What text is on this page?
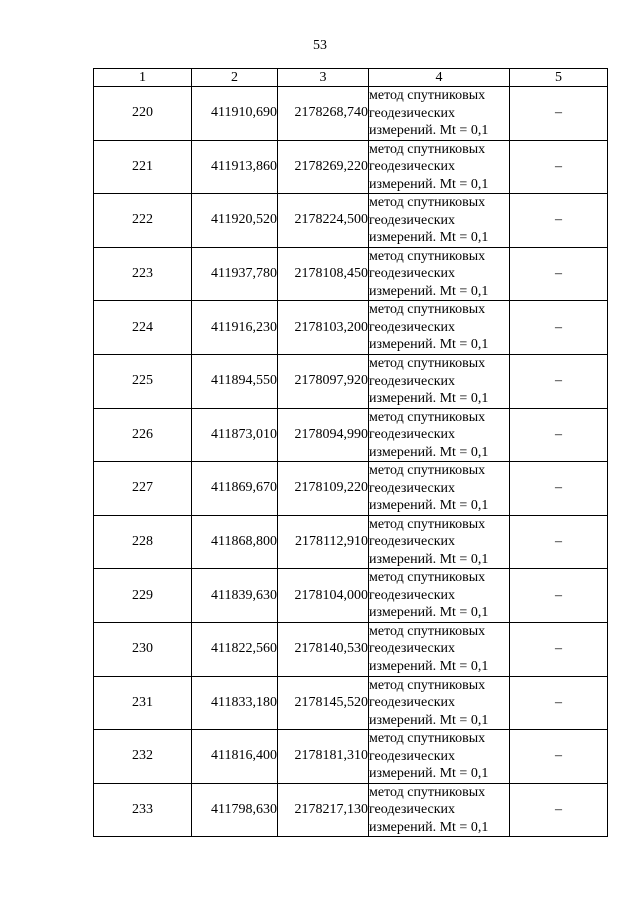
53
1	2	3	4	5
220	411910,690	2178268,740	метод спутниковых
геодезических
измерений. Mt = 0,1	–
221	411913,860	2178269,220	метод спутниковых
геодезических
измерений. Mt = 0,1	–
222	411920,520	2178224,500	метод спутниковых
геодезических
измерений. Mt = 0,1	–
223	411937,780	2178108,450	метод спутниковых
геодезических
измерений. Mt = 0,1	–
224	411916,230	2178103,200	метод спутниковых
геодезических
измерений. Mt = 0,1	–
225	411894,550	2178097,920	метод спутниковых
геодезических
измерений. Mt = 0,1	–
226	411873,010	2178094,990	метод спутниковых
геодезических
измерений. Mt = 0,1	–
227	411869,670	2178109,220	метод спутниковых
геодезических
измерений. Mt = 0,1	–
228	411868,800	2178112,910	метод спутниковых
геодезических
измерений. Mt = 0,1	–
229	411839,630	2178104,000	метод спутниковых
геодезических
измерений. Mt = 0,1	–
230	411822,560	2178140,530	метод спутниковых
геодезических
измерений. Mt = 0,1	–
231	411833,180	2178145,520	метод спутниковых
геодезических
измерений. Mt = 0,1	–
232	411816,400	2178181,310	метод спутниковых
геодезических
измерений. Mt = 0,1	–
233	411798,630	2178217,130	метод спутниковых
геодезических
измерений. Mt = 0,1	–
